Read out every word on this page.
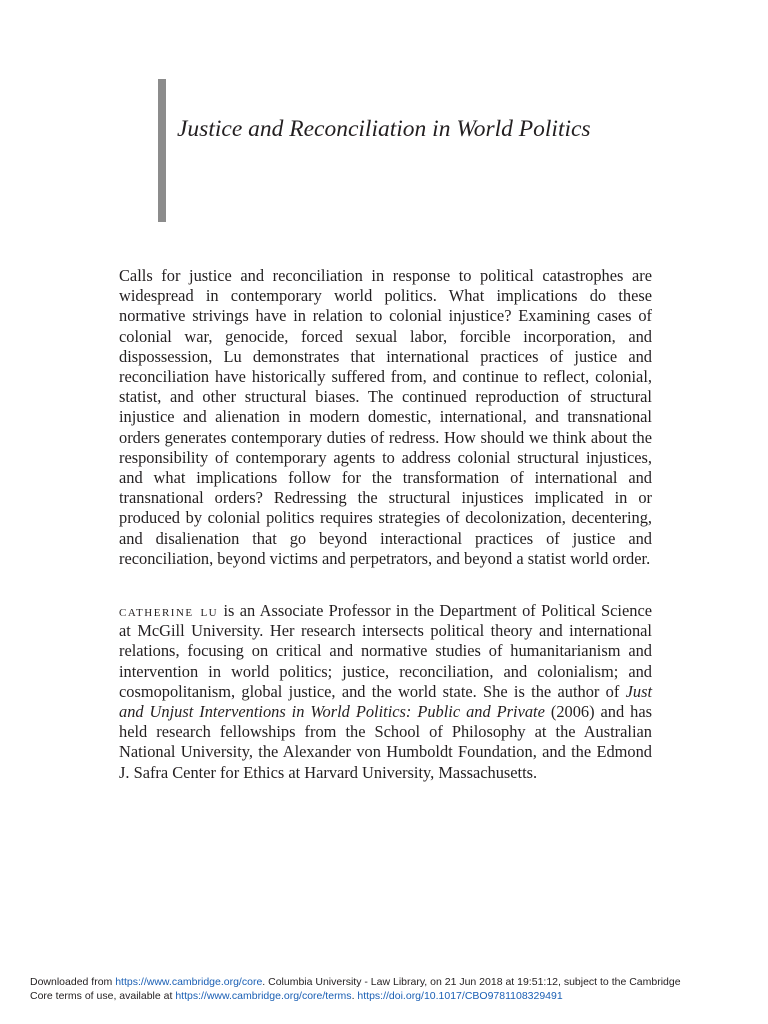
Justice and Reconciliation in World Politics

Calls for justice and reconciliation in response to political catastrophes are widespread in contemporary world politics. What implications do these normative strivings have in relation to colonial injustice? Examining cases of colonial war, genocide, forced sexual labor, forcible incorporation, and dispossession, Lu demonstrates that international practices of justice and reconciliation have historically suffered from, and continue to reflect, colonial, statist, and other structural biases. The continued reproduction of structural injustice and alienation in modern domestic, international, and transnational orders generates contemporary duties of redress. How should we think about the responsibility of contemporary agents to address colonial structural injustices, and what implications follow for the transformation of international and transnational orders? Redressing the structural injustices implicated in or produced by colonial politics requires strategies of decolonization, decentering, and disalienation that go beyond interactional practices of justice and reconciliation, beyond victims and perpetrators, and beyond a statist world order.

catherine lu is an Associate Professor in the Department of Political Science at McGill University. Her research intersects political theory and international relations, focusing on critical and normative studies of humanitarianism and intervention in world politics; justice, reconciliation, and colonialism; and cosmopolitanism, global justice, and the world state. She is the author of Just and Unjust Interventions in World Politics: Public and Private (2006) and has held research fellowships from the School of Philosophy at the Australian National University, the Alexander von Humboldt Foundation, and the Edmond J. Safra Center for Ethics at Harvard University, Massachusetts.

Downloaded from https://www.cambridge.org/core. Columbia University - Law Library, on 21 Jun 2018 at 19:51:12, subject to the Cambridge
Core terms of use, available at https://www.cambridge.org/core/terms. https://doi.org/10.1017/CBO9781108329491
